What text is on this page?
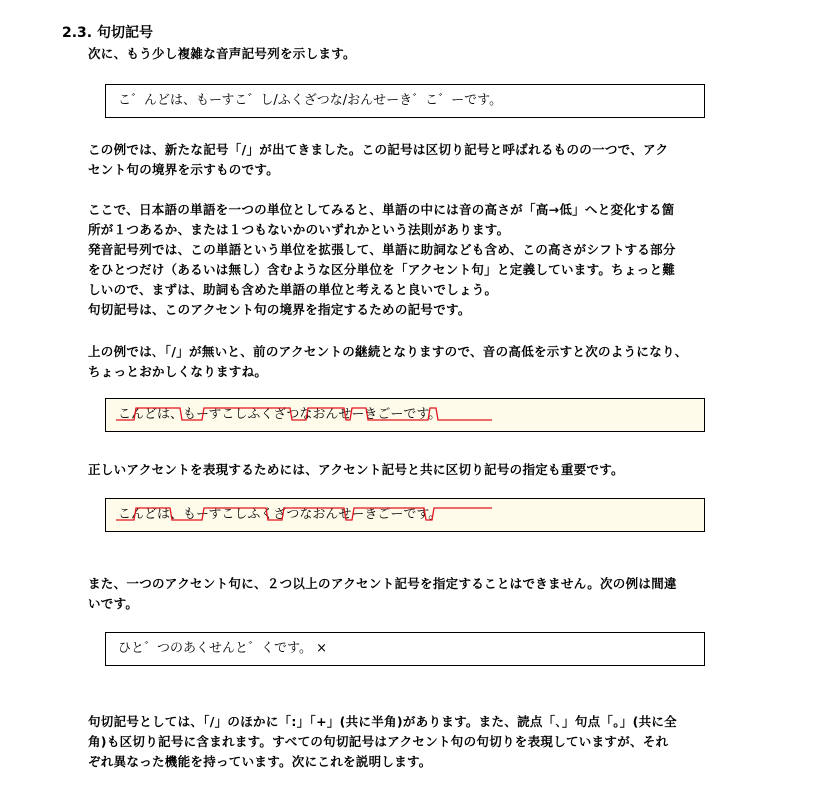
2.3. 句切記号
次に、もう少し複雑な音声記号列を示します。
こ゛んどは、もーすこ゛し/ふくざつな/おんせーき゛こ゛ーです。
この例では、新たな記号「/」が出てきました。この記号は区切り記号と呼ばれるものの一つで、アク
セント句の境界を示すものです。
ここで、日本語の単語を一つの単位としてみると、単語の中には音の高さが「高→低」へと変化する箇
所が１つあるか、または１つもないかのいずれかという法則があります。
発音記号列では、この単語という単位を拡張して、単語に助詞なども含め、この高さがシフトする部分
をひとつだけ（あるいは無し）含むような区分単位を「アクセント句」と定義しています。ちょっと難
しいので、まずは、助詞も含めた単語の単位と考えると良いでしょう。
句切記号は、このアクセント句の境界を指定するための記号です。
上の例では､「/」が無いと、前のアクセントの継続となりますので、音の高低を示すと次のようになり、
ちょっとおかしくなりますね。
こんどは、もーすこしふくざつなおんせーきごーです。
正しいアクセントを表現するためには、アクセント記号と共に区切り記号の指定も重要です。
こんどは、もーすこしふくざつなおんせーきごーです。
また、一つのアクセント句に、２つ以上のアクセント記号を指定することはできません。次の例は間違
いです。
ひと゛つのあくせんと゛くです。 ×
句切記号としては、「/」のほかに「:」「+」(共に半角)があります。また、読点「､」句点「｡」(共に全
角)も区切り記号に含まれます。すべての句切記号はアクセント句の句切りを表現していますが、それ
ぞれ異なった機能を持っています。次にこれを説明します。
